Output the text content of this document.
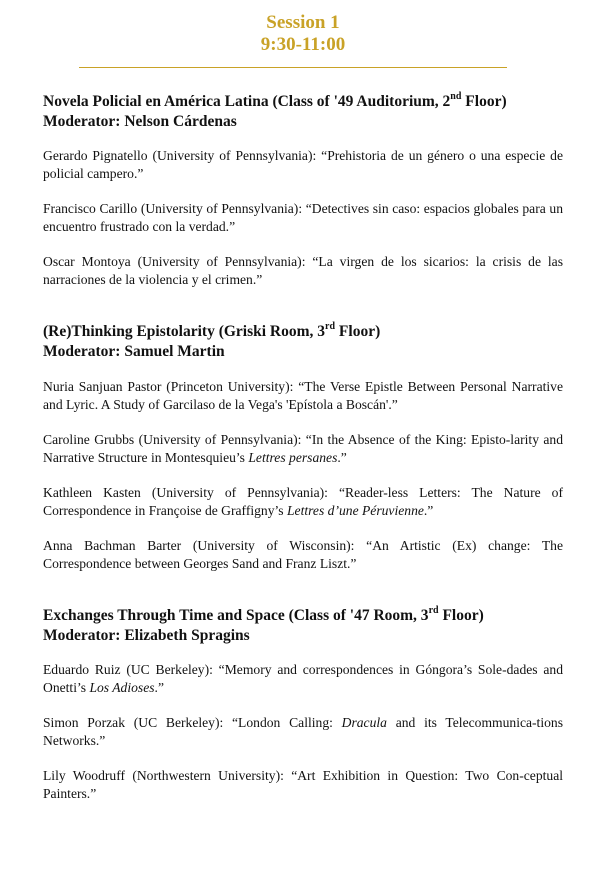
Session 1
9:30-11:00
Novela Policial en América Latina (Class of '49 Auditorium, 2nd Floor)
Moderator: Nelson Cárdenas
Gerardo Pignatello (University of Pennsylvania): “Prehistoria de un género o una especie de policial campero.”
Francisco Carillo (University of Pennsylvania): “Detectives sin caso: espacios globales para un encuentro frustrado con la verdad.”
Oscar Montoya (University of Pennsylvania): “La virgen de los sicarios: la crisis de las narraciones de la violencia y el crimen.”
(Re)Thinking Epistolarity (Griski Room, 3rd Floor)
Moderator: Samuel Martin
Nuria Sanjuan Pastor (Princeton University): “The Verse Epistle Between Personal Narrative and Lyric. A Study of Garcilaso de la Vega's 'Epístola a Boscán'.”
Caroline Grubbs (University of Pennsylvania): “In the Absence of the King: Episto-larity and Narrative Structure in Montesquieu’s Lettres persanes.”
Kathleen Kasten (University of Pennsylvania): “Reader-less Letters: The Nature of Correspondence in Françoise de Graffigny’s Lettres d’une Péruvienne.”
Anna Bachman Barter (University of Wisconsin): “An Artistic (Ex) change: The Correspondence between Georges Sand and Franz Liszt.”
Exchanges Through Time and Space (Class of '47 Room, 3rd Floor)
Moderator: Elizabeth Spragins
Eduardo Ruiz (UC Berkeley): “Memory and correspondences in Góngora’s Sole-dades and Onetti’s Los Adioses.”
Simon Porzak (UC Berkeley): “London Calling: Dracula and its Telecommunica-tions Networks.”
Lily Woodruff (Northwestern University): “Art Exhibition in Question: Two Con-ceptual Painters.”
